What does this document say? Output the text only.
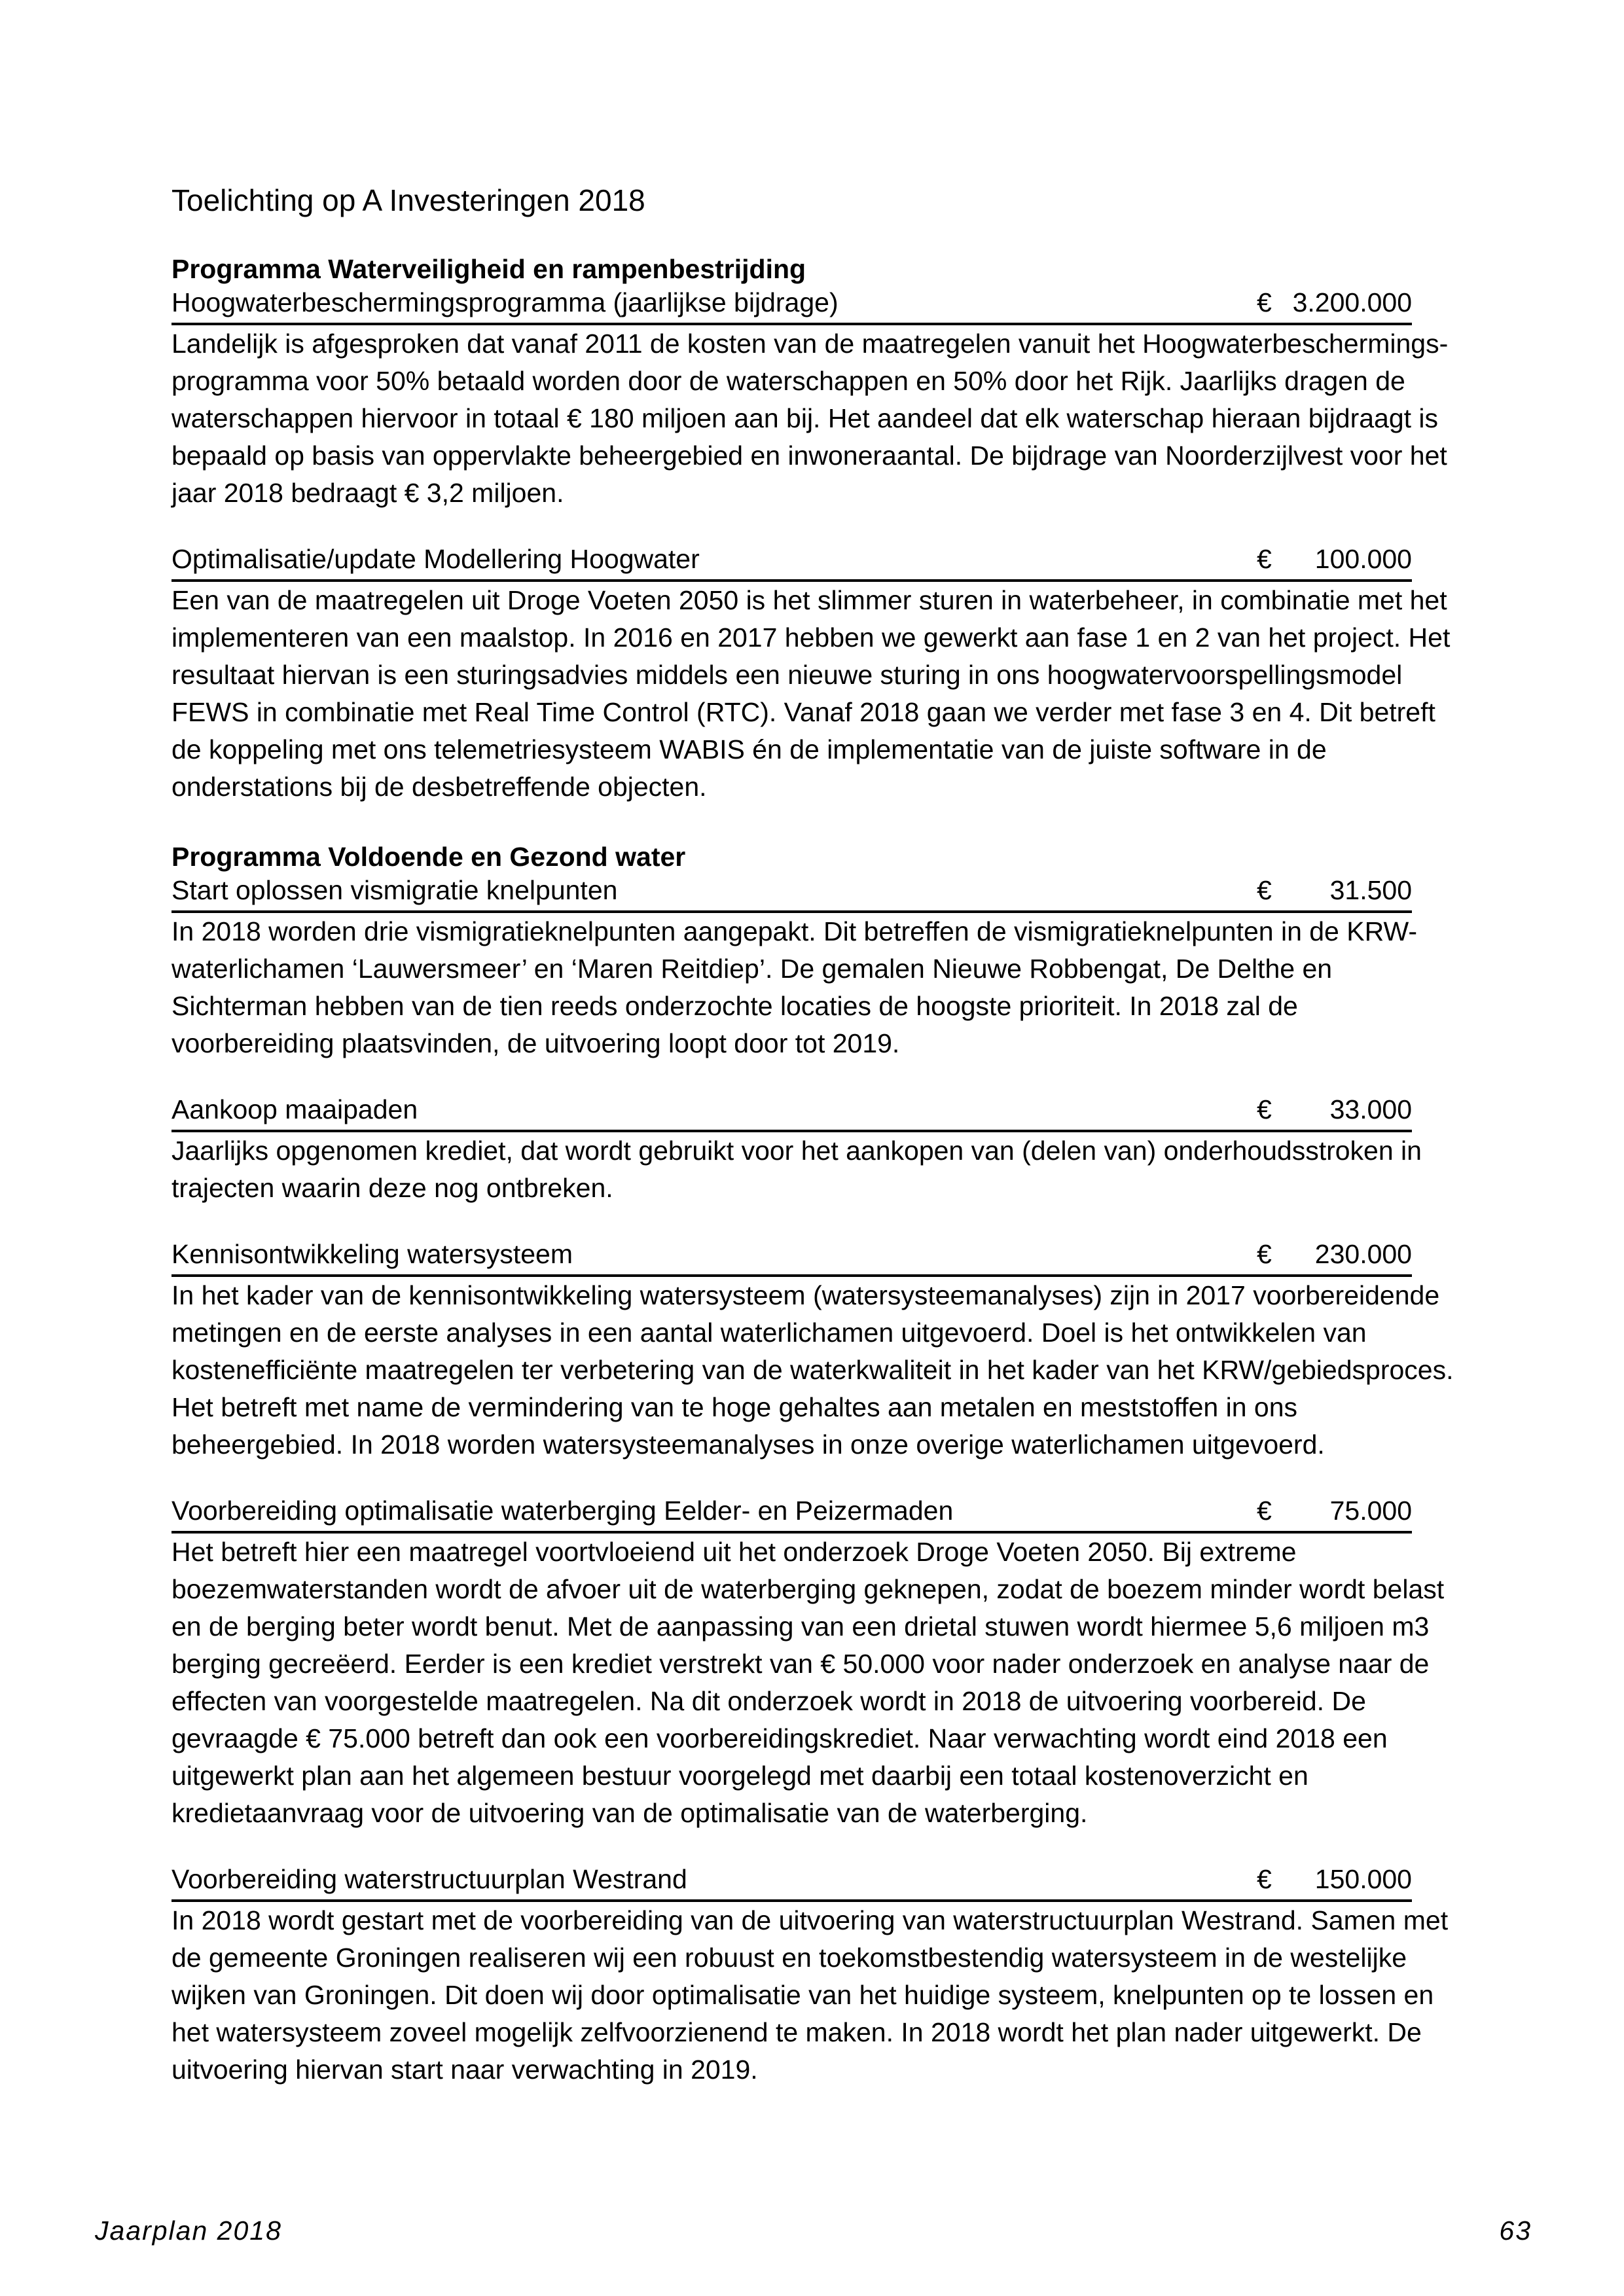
Toelichting op A Investeringen 2018
Programma Waterveiligheid en rampenbestrijding
Hoogwaterbeschermingsprogramma (jaarlijkse bijdrage)	€ 3.200.000

Landelijk is afgesproken dat vanaf 2011 de kosten van de maatregelen vanuit het Hoogwaterbeschermings-programma voor 50% betaald worden door de waterschappen en 50% door het Rijk. Jaarlijks dragen de waterschappen hiervoor in totaal € 180 miljoen aan bij. Het aandeel dat elk waterschap hieraan bijdraagt is bepaald op basis van oppervlakte beheergebied en inwoneraantal. De bijdrage van Noorderzijlvest voor het jaar 2018 bedraagt € 3,2 miljoen.

Optimalisatie/update Modellering Hoogwater	€ 100.000

Een van de maatregelen uit Droge Voeten 2050 is het slimmer sturen in waterbeheer, in combinatie met het implementeren van een maalstop. In 2016 en 2017 hebben we gewerkt aan fase 1 en 2 van het project. Het resultaat hiervan is een sturingsadvies middels een nieuwe sturing in ons hoogwatervoorspellingsmodel FEWS in combinatie met Real Time Control (RTC). Vanaf 2018 gaan we verder met fase 3 en 4. Dit betreft de koppeling met ons telemetriesysteem WABIS én de implementatie van de juiste software in de onderstations bij de desbetreffende objecten.

Programma Voldoende en Gezond water
Start oplossen vismigratie knelpunten	€ 31.500

In 2018 worden drie vismigratieknelpunten aangepakt. Dit betreffen de vismigratieknelpunten in de KRW-waterlichamen ‘Lauwersmeer’ en ‘Maren Reitdiep’. De gemalen Nieuwe Robbengat, De Delthe en Sichterman hebben van de tien reeds onderzochte locaties de hoogste prioriteit. In 2018 zal de voorbereiding plaatsvinden, de uitvoering loopt door tot 2019.

Aankoop maaipaden	€ 33.000

Jaarlijks opgenomen krediet, dat wordt gebruikt voor het aankopen van (delen van) onderhoudsstroken in trajecten waarin deze nog ontbreken.

Kennisontwikkeling watersysteem	€ 230.000

In het kader van de kennisontwikkeling watersysteem (watersysteemanalyses) zijn in 2017 voorbereidende metingen en de eerste analyses in een aantal waterlichamen uitgevoerd. Doel is het ontwikkelen van kostenefficiënte maatregelen ter verbetering van de waterkwaliteit in het kader van het KRW/gebiedsproces. Het betreft met name de vermindering van te hoge gehaltes aan metalen en meststoffen in ons beheergebied. In 2018 worden watersysteemanalyses in onze overige waterlichamen uitgevoerd.

Voorbereiding optimalisatie waterberging Eelder- en Peizermaden	€ 75.000

Het betreft hier een maatregel voortvloeiend uit het onderzoek Droge Voeten 2050. Bij extreme boezemwaterstanden wordt de afvoer uit de waterberging geknepen, zodat de boezem minder wordt belast en de berging beter wordt benut. Met de aanpassing van een drietal stuwen wordt hiermee 5,6 miljoen m3 berging gecreëerd. Eerder is een krediet verstrekt van € 50.000 voor nader onderzoek en analyse naar de effecten van voorgestelde maatregelen. Na dit onderzoek wordt in 2018 de uitvoering voorbereid. De gevraagde € 75.000 betreft dan ook een voorbereidingskrediet. Naar verwachting wordt eind 2018 een uitgewerkt plan aan het algemeen bestuur voorgelegd met daarbij een totaal kostenoverzicht en kredietaanvraag voor de uitvoering van de optimalisatie van de waterberging.

Voorbereiding waterstructuurplan Westrand	€ 150.000

In 2018 wordt gestart met de voorbereiding van de uitvoering van waterstructuurplan Westrand. Samen met de gemeente Groningen realiseren wij een robuust en toekomstbestendig watersysteem in de westelijke wijken van Groningen. Dit doen wij door optimalisatie van het huidige systeem, knelpunten op te lossen en het watersysteem zoveel mogelijk zelfvoorzienend te maken. In 2018 wordt het plan nader uitgewerkt. De uitvoering hiervan start naar verwachting in 2019.

Jaarplan 2018	63
